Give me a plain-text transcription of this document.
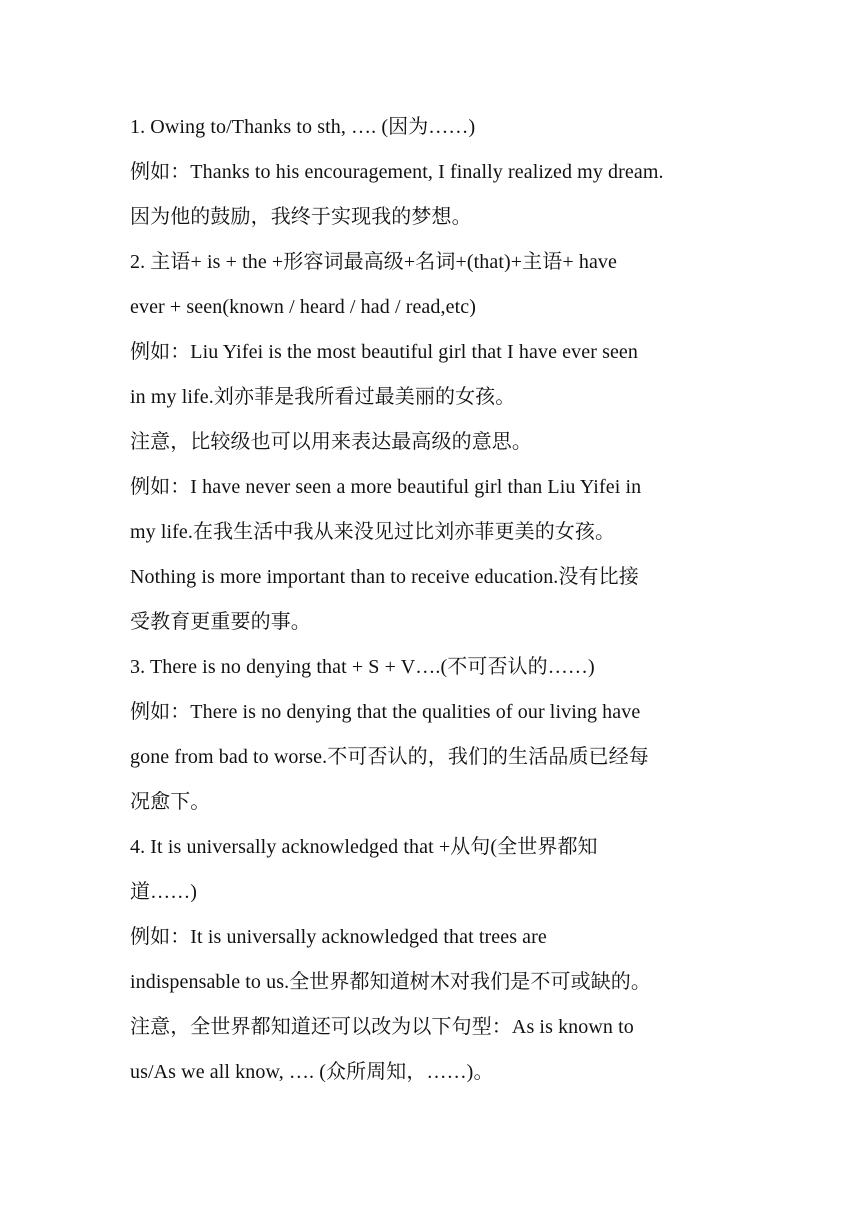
1. Owing to/Thanks to sth, …. (因为……)
例如：Thanks to his encouragement, I finally realized my dream.
因为他的鼓励，我终于实现我的梦想。
2. 主语+ is + the +形容词最高级+名词+(that)+主语+ have
ever + seen(known / heard / had / read,etc)
例如：Liu Yifei is the most beautiful girl that I have ever seen
in my life.刘亦菲是我所看过最美丽的女孩。
注意，比较级也可以用来表达最高级的意思。
例如：I have never seen a more beautiful girl than Liu Yifei in
my life.在我生活中我从来没见过比刘亦菲更美的女孩。
Nothing is more important than to receive education.没有比接
受教育更重要的事。
3. There is no denying that + S + V….(不可否认的……)
例如：There is no denying that the qualities of our living have
gone from bad to worse.不可否认的，我们的生活品质已经每
况愈下。
4. It is universally acknowledged that +从句(全世界都知
道……)
例如：It is universally acknowledged that trees are
indispensable to us.全世界都知道树木对我们是不可或缺的。
注意，全世界都知道还可以改为以下句型：As is known to
us/As we all know, …. (众所周知，……)。
